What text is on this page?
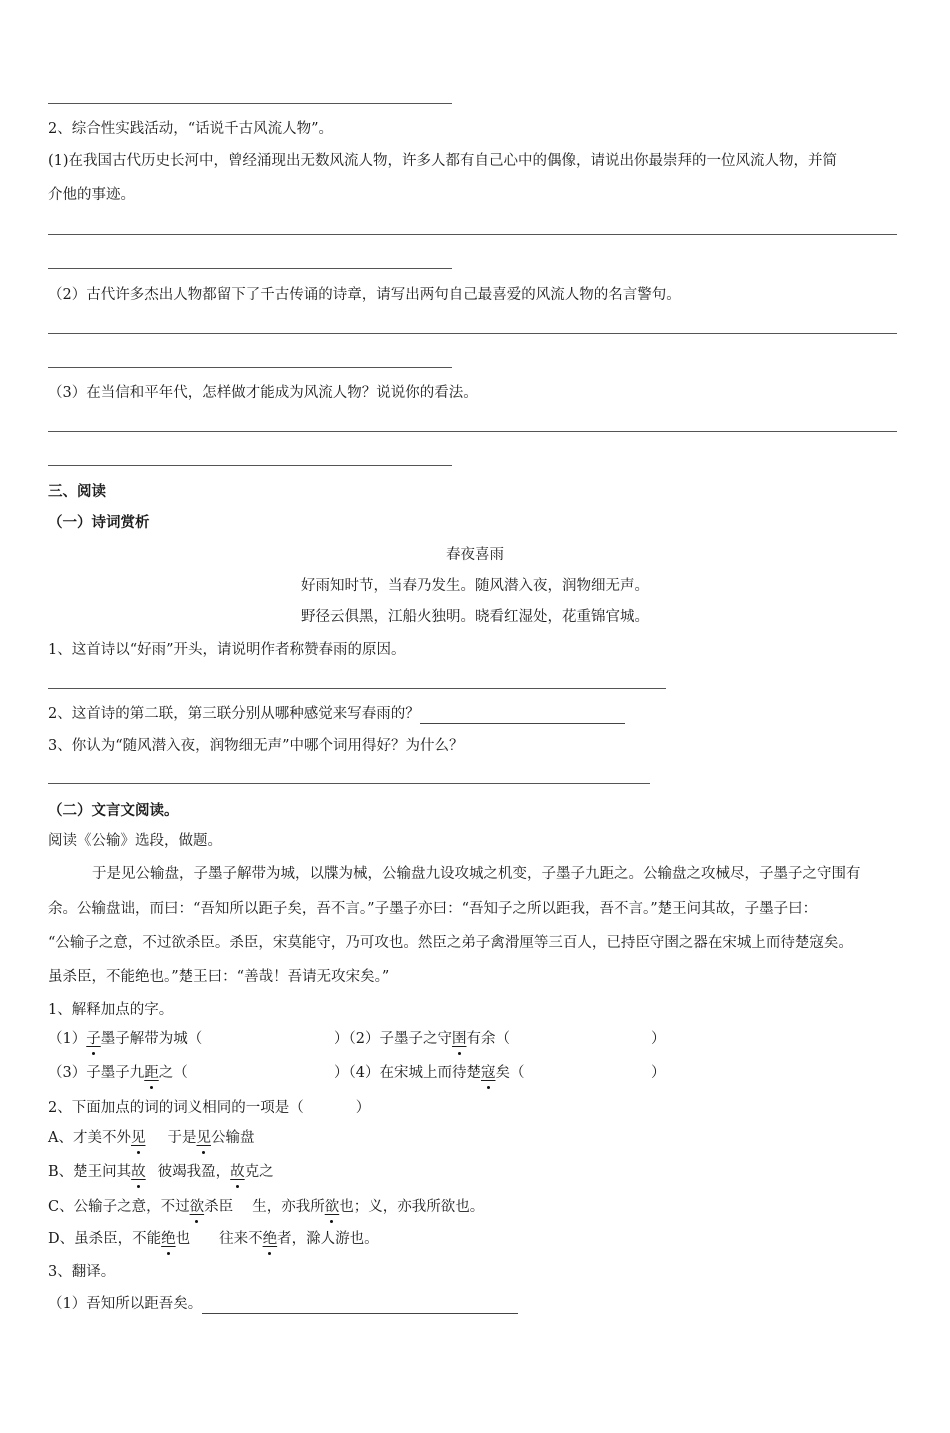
2、综合性实践活动，“话说千古风流人物”。
(1)在我国古代历史长河中，曾经涌现出无数风流人物，许多人都有自己心中的偶像，请说出你最崇拜的一位风流人物，并简
介他的事迹。
（2）古代许多杰出人物都留下了千古传诵的诗章，请写出两句自己最喜爱的风流人物的名言警句。
（3）在当信和平年代，怎样做才能成为风流人物？说说你的看法。
三、阅读
（一）诗词赏析
春夜喜雨
好雨知时节，当春乃发生。随风潜入夜，润物细无声。
野径云俱黑，江船火独明。晓看红湿处，花重锦官城。
1、这首诗以“好雨”开头，请说明作者称赞春雨的原因。
2、这首诗的第二联，第三联分别从哪种感觉来写春雨的？
3、你认为“随风潜入夜，润物细无声”中哪个词用得好？为什么？
（二）文言文阅读。
阅读《公输》选段，做题。
于是见公输盘，子墨子解带为城，以牒为械，公输盘九设攻城之机变，子墨子九距之。公输盘之攻械尽，子墨子之守围有
余。公输盘诎，而曰：“吾知所以距子矣，吾不言。”子墨子亦曰：“吾知子之所以距我，吾不言。”楚王问其故，子墨子曰：
“公输子之意，不过欲杀臣。杀臣，宋莫能守，乃可攻也。然臣之弟子禽滑厘等三百人，已持臣守圉之器在宋城上而待楚寇矣。
虽杀臣，不能绝也。”楚王曰：“善哉！吾请无攻宋矣。”
1、解释加点的字。
（1）子墨子解带为城（	）（2）子墨子之守圉有余（	）
（3）子墨子九距之（	）（4）在宋城上而待楚寇矣（	）
2、下面加点的词的词义相同的一项是（	）
A、才美不外见 于是见公输盘
B、楚王问其故 彼竭我盈，故克之
C、公输子之意，不过欲杀臣　 生，亦我所欲也；义，亦我所欲也。
D、虽杀臣，不能绝也　　往来不绝者，滁人游也。
3、翻译。
（1）吾知所以距吾矣。
